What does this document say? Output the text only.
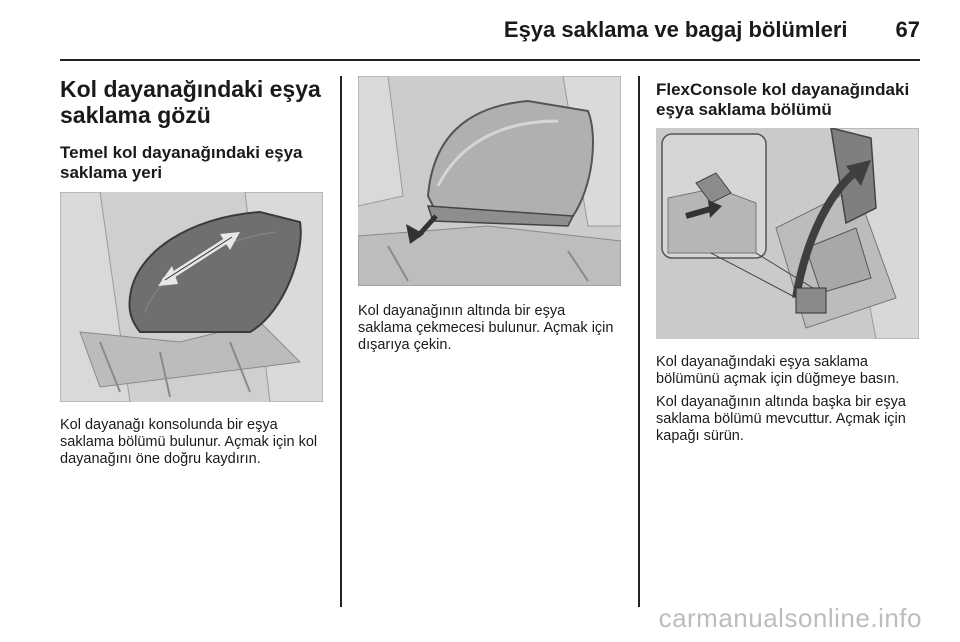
Eşya saklama ve bagaj bölümleri 67
Kol dayanağındaki eşya saklama gözü
Temel kol dayanağındaki eşya saklama yeri

Kol dayanağı konsolunda bir eşya saklama bölümü bulunur. Açmak için kol dayanağını öne doğru kaydırın.

Kol dayanağının altında bir eşya saklama çekmecesi bulunur. Açmak için dışarıya çekin.

FlexConsole kol dayanağındaki eşya saklama bölümü

Kol dayanağındaki eşya saklama bölümünü açmak için düğmeye basın.

Kol dayanağının altında başka bir eşya saklama bölümü mevcuttur. Açmak için kapağı sürün.

carmanualsonline.info
